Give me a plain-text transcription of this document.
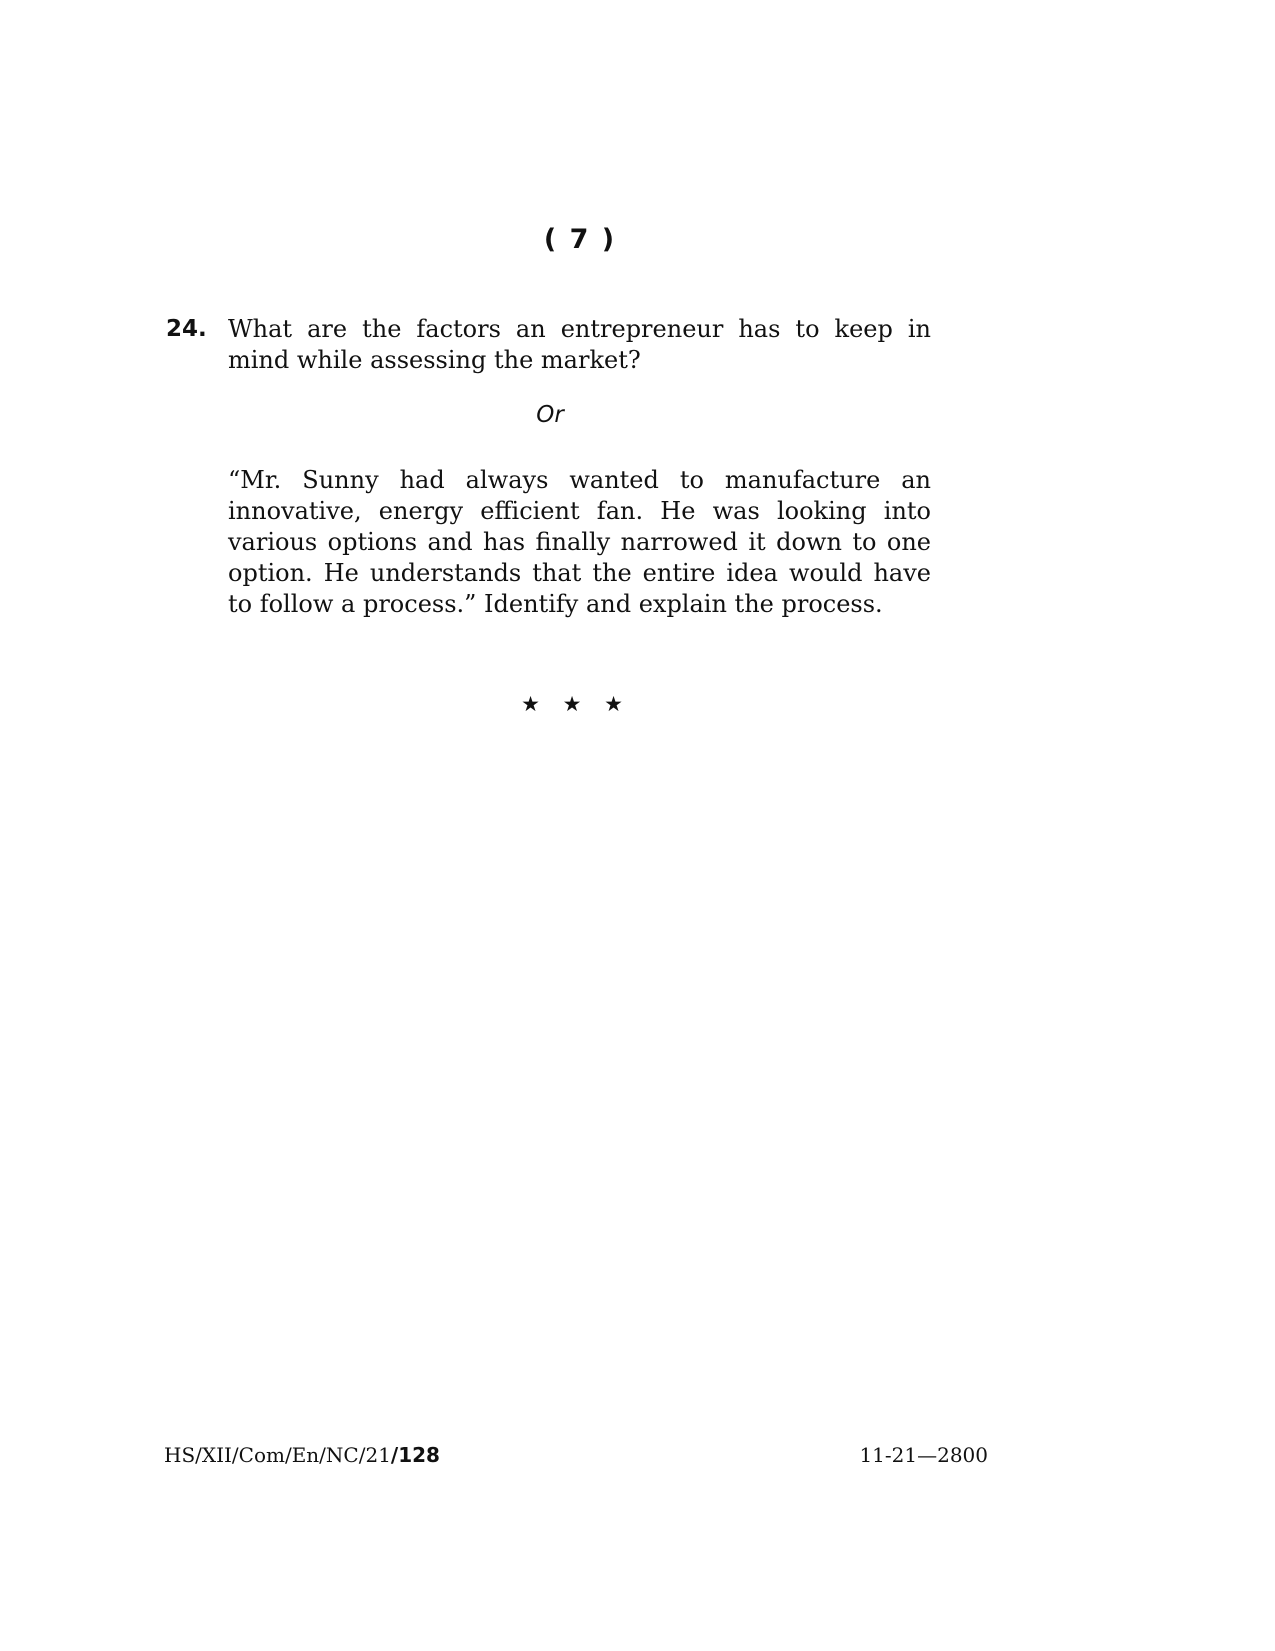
( 7 )
24. What are the factors an entrepreneur has to keep in mind while assessing the market?
Or
“Mr. Sunny had always wanted to manufacture an innovative, energy efficient fan. He was looking into various options and has finally narrowed it down to one option. He understands that the entire idea would have to follow a process.” Identify and explain the process.
★ ★ ★
HS/XII/Com/En/NC/21/128	11-21—2800
